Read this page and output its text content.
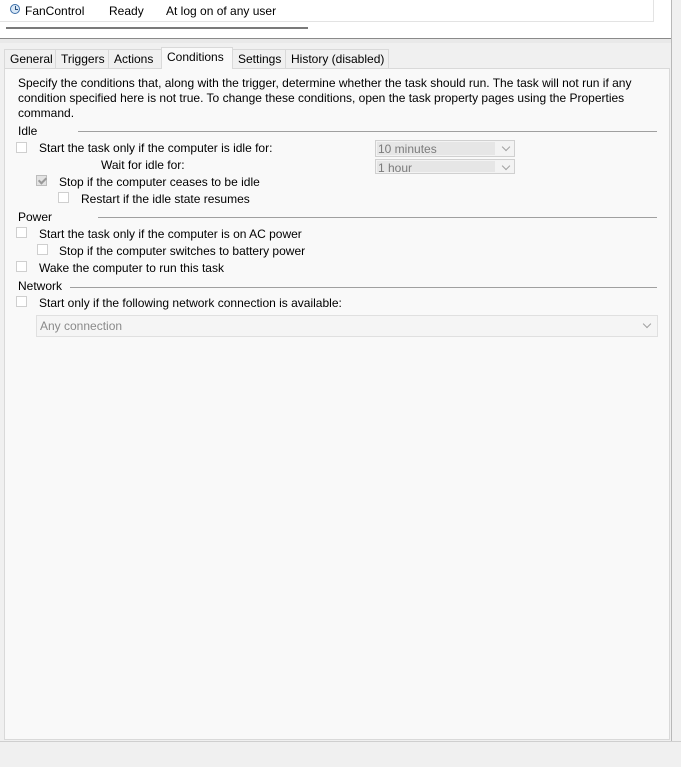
FanControl Ready At log on of any user
General Triggers Actions	Conditions	Settings History (disabled)
Specify the conditions that, along with the trigger, determine whether the task should run. The task will not run if any condition specified here is not true. To change these conditions, open the task property pages using the Properties command.
Idle
Start the task only if the computer is idle for:	10 minutes
Wait for idle for:	1 hour
Stop if the computer ceases to be idle
Restart if the idle state resumes
Power
Start the task only if the computer is on AC power
Stop if the computer switches to battery power
Wake the computer to run this task
Network
Start only if the following network connection is available:
Any connection
